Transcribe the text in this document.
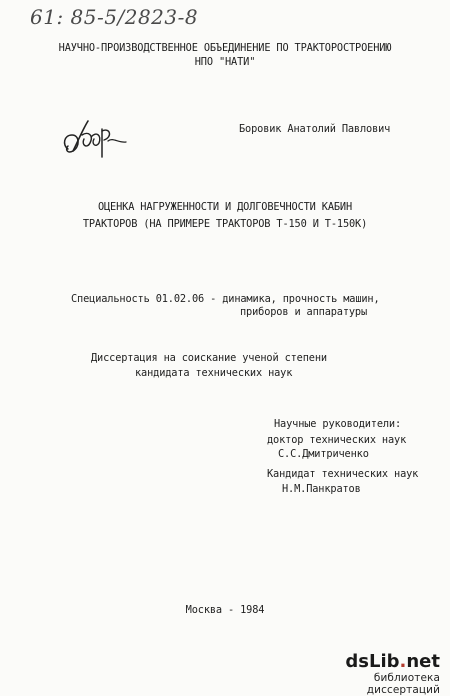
61: 85-5/2823-8
НАУЧНО-ПРОИЗВОДСТВЕННОЕ ОБЪЕДИНЕНИЕ ПО ТРАКТОРОСТРОЕНИЮ
НПО "НАТИ"
Боровик Анатолий Павлович
ОЦЕНКА НАГРУЖЕННОСТИ И ДОЛГОВЕЧНОСТИ КАБИН
ТРАКТОРОВ (НА ПРИМЕРЕ ТРАКТОРОВ Т-150 И Т-150К)
Специальность 01.02.06 - динамика, прочность машин,
приборов и аппаратуры
Диссертация на соискание ученой степени
кандидата технических наук
Научные руководители:
доктор технических наук
С.С.Дмитриченко
Кандидат технических наук
Н.М.Панкратов
Москва - 1984
dsLib.net
библиотека диссертаций
